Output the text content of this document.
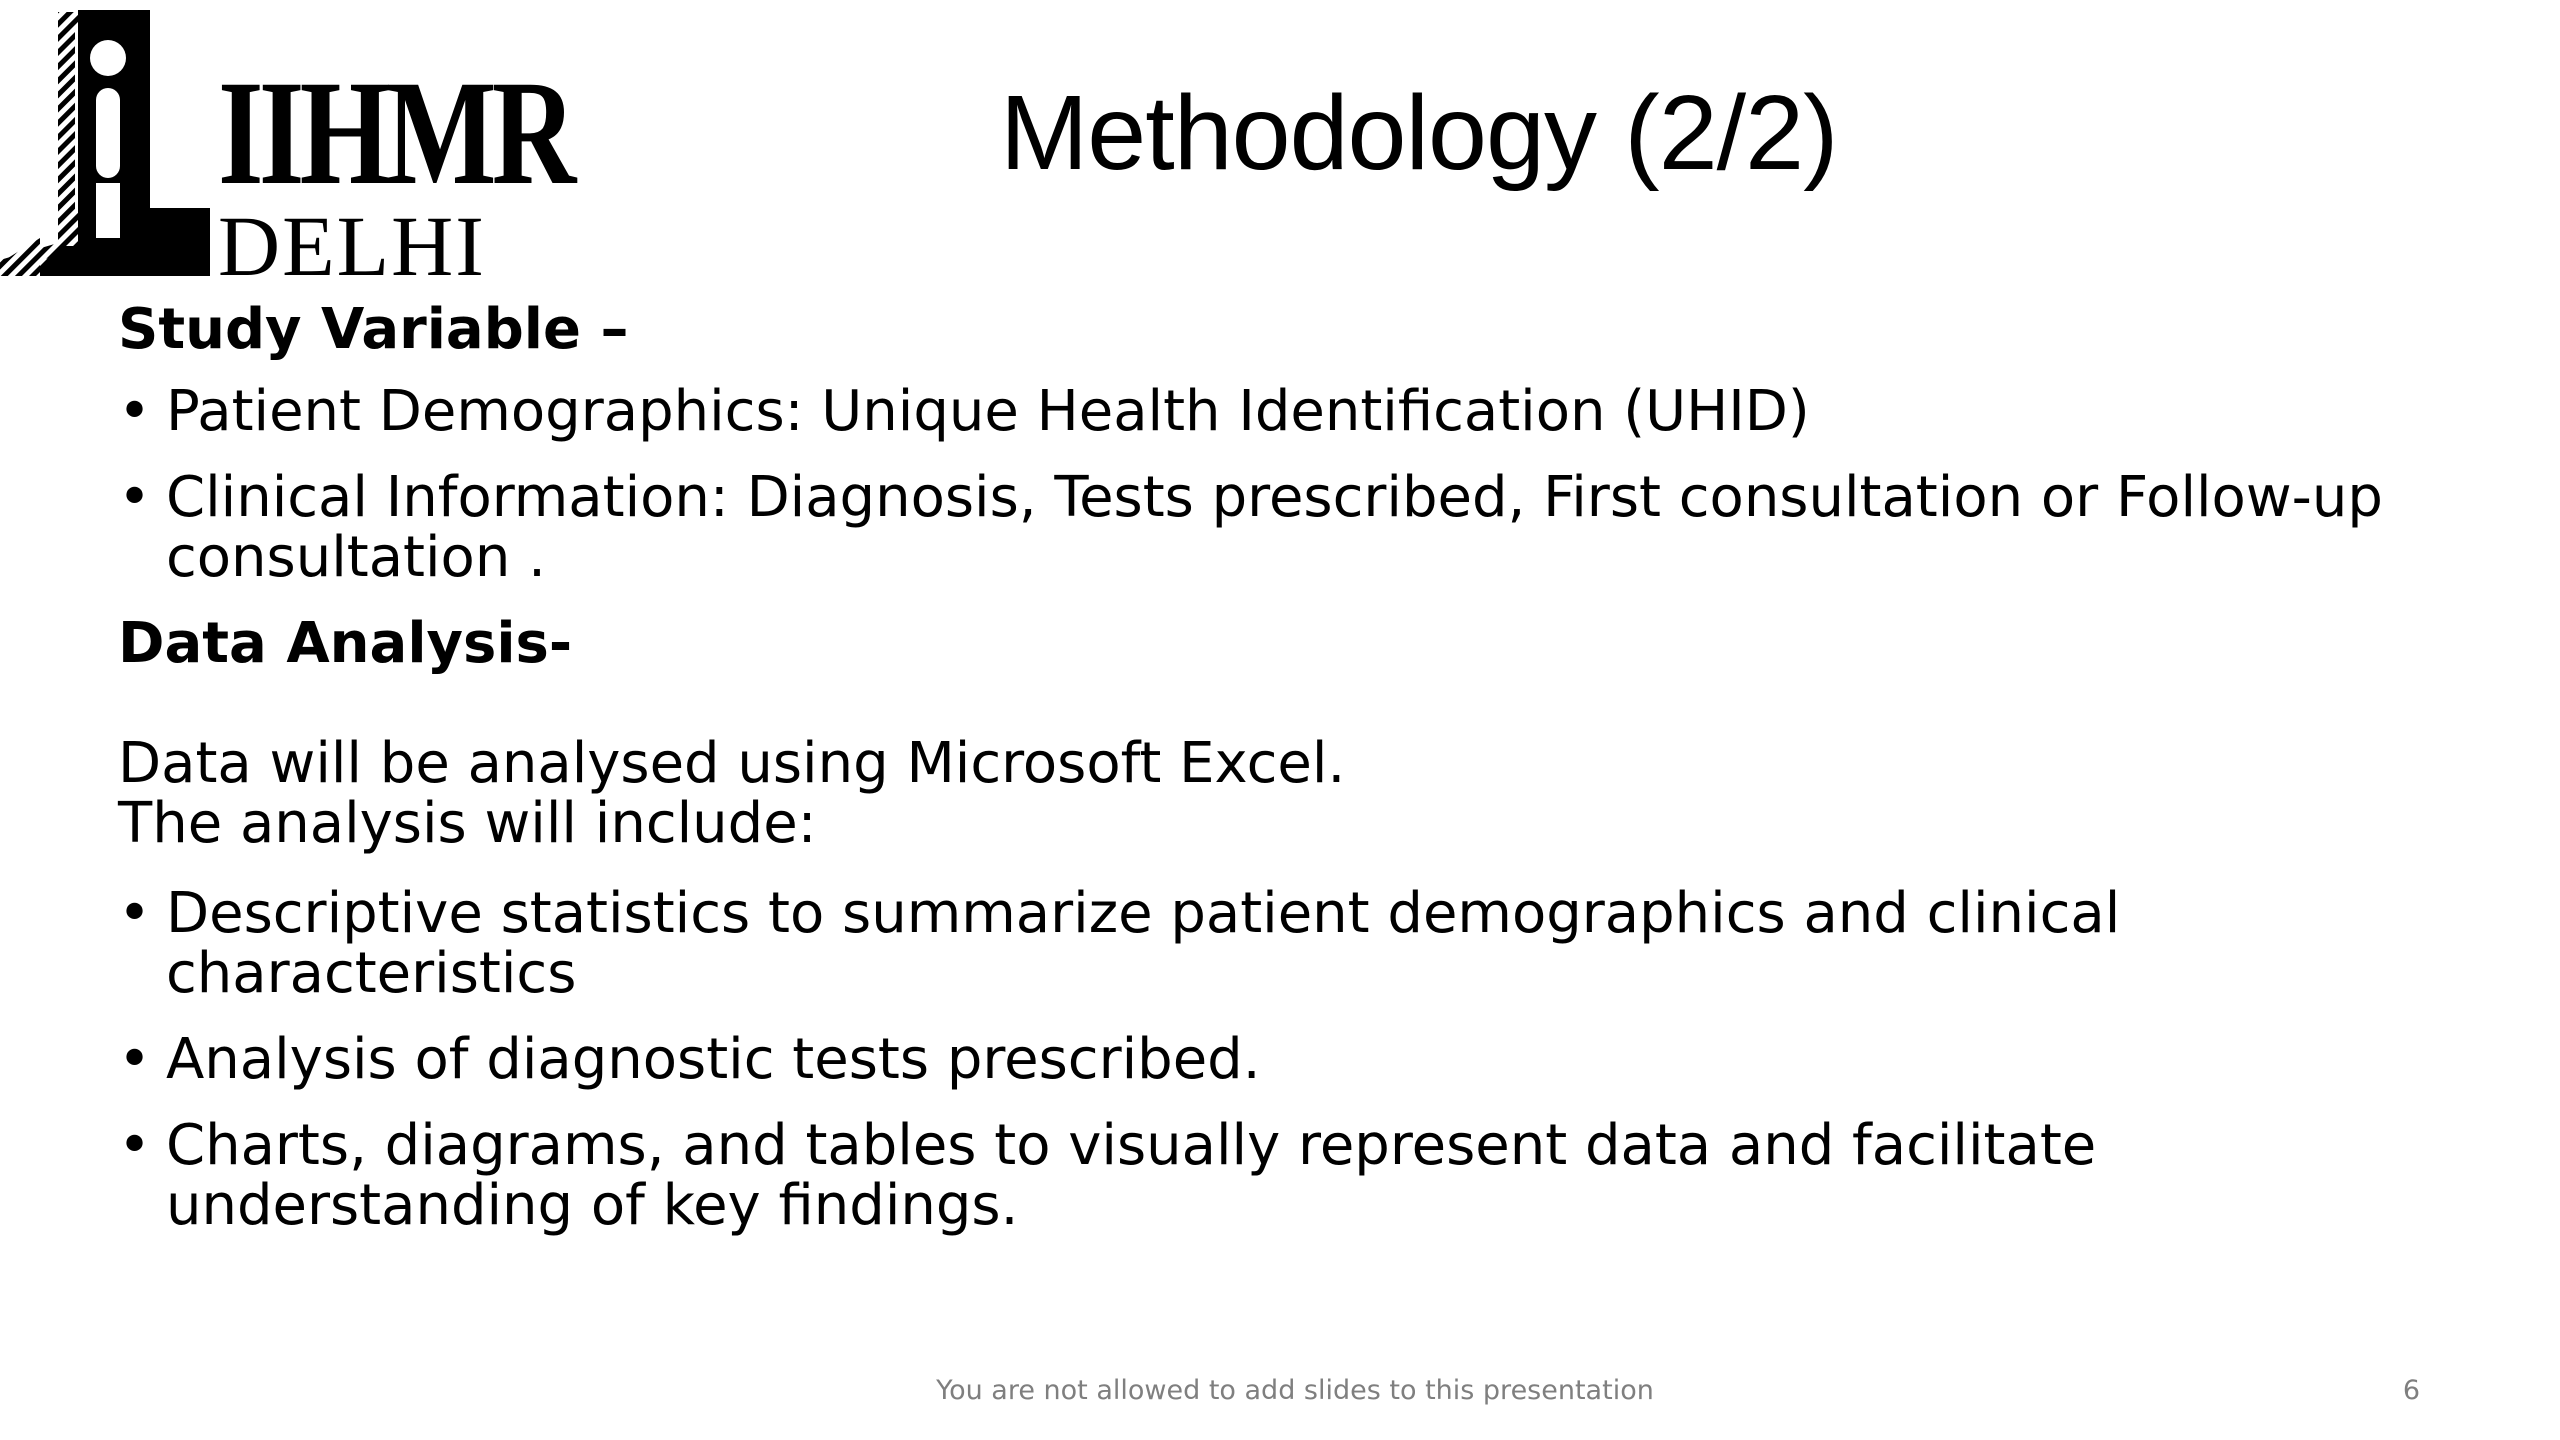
IIHMR
DELHI
Methodology (2/2)
Study Variable –
• Patient Demographics: Unique Health Identification (UHID)
• Clinical Information: Diagnosis, Tests prescribed, First consultation or Follow-up consultation .
Data Analysis-
Data will be analysed using Microsoft Excel.
The analysis will include:
• Descriptive statistics to summarize patient demographics and clinical characteristics
• Analysis of diagnostic tests prescribed.
• Charts, diagrams, and tables to visually represent data and facilitate understanding of key findings.
You are not allowed to add slides to this presentation	6
